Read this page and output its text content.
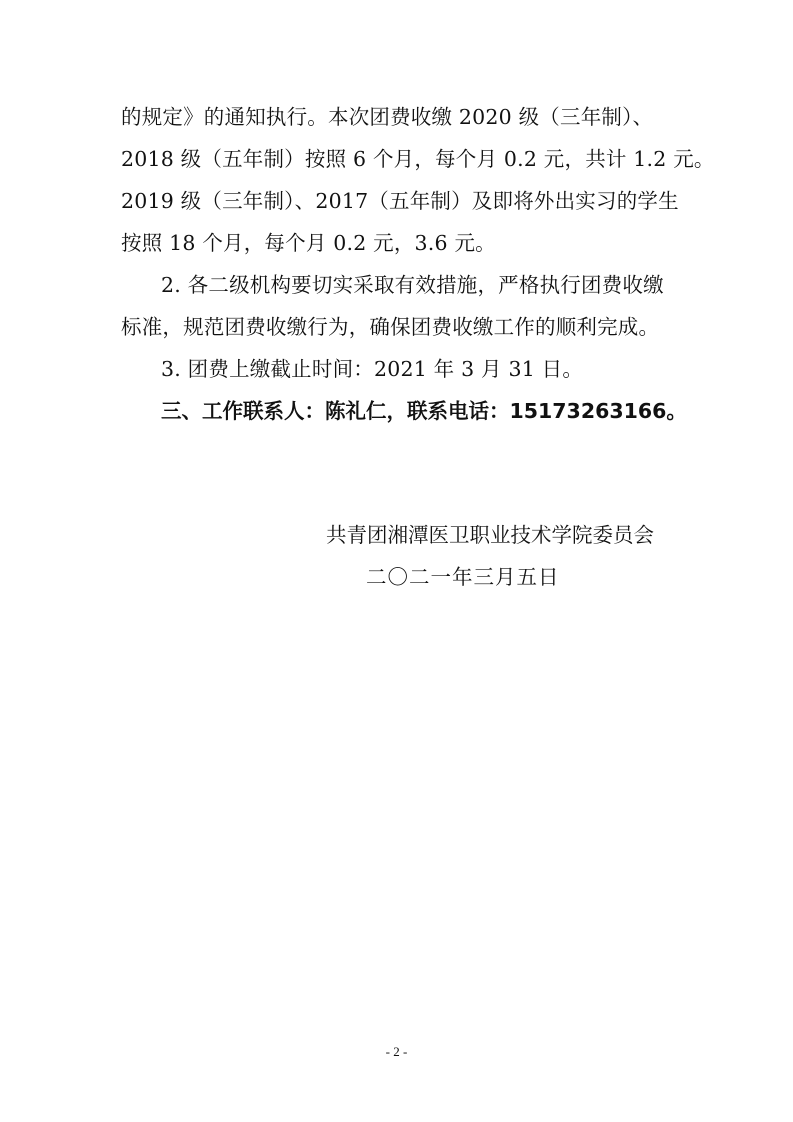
的规定》的通知执行。本次团费收缴 2020 级（三年制）、
2018 级（五年制）按照 6 个月，每个月 0.2 元，共计 1.2 元。
2019 级（三年制）、2017（五年制）及即将外出实习的学生
按照 18 个月，每个月 0.2 元，3.6 元。
2. 各二级机构要切实采取有效措施，严格执行团费收缴
标准，规范团费收缴行为，确保团费收缴工作的顺利完成。
3. 团费上缴截止时间：2021 年 3 月 31 日。
三、工作联系人：陈礼仁，联系电话：15173263166。
共青团湘潭医卫职业技术学院委员会
二〇二一年三月五日
- 2 -
